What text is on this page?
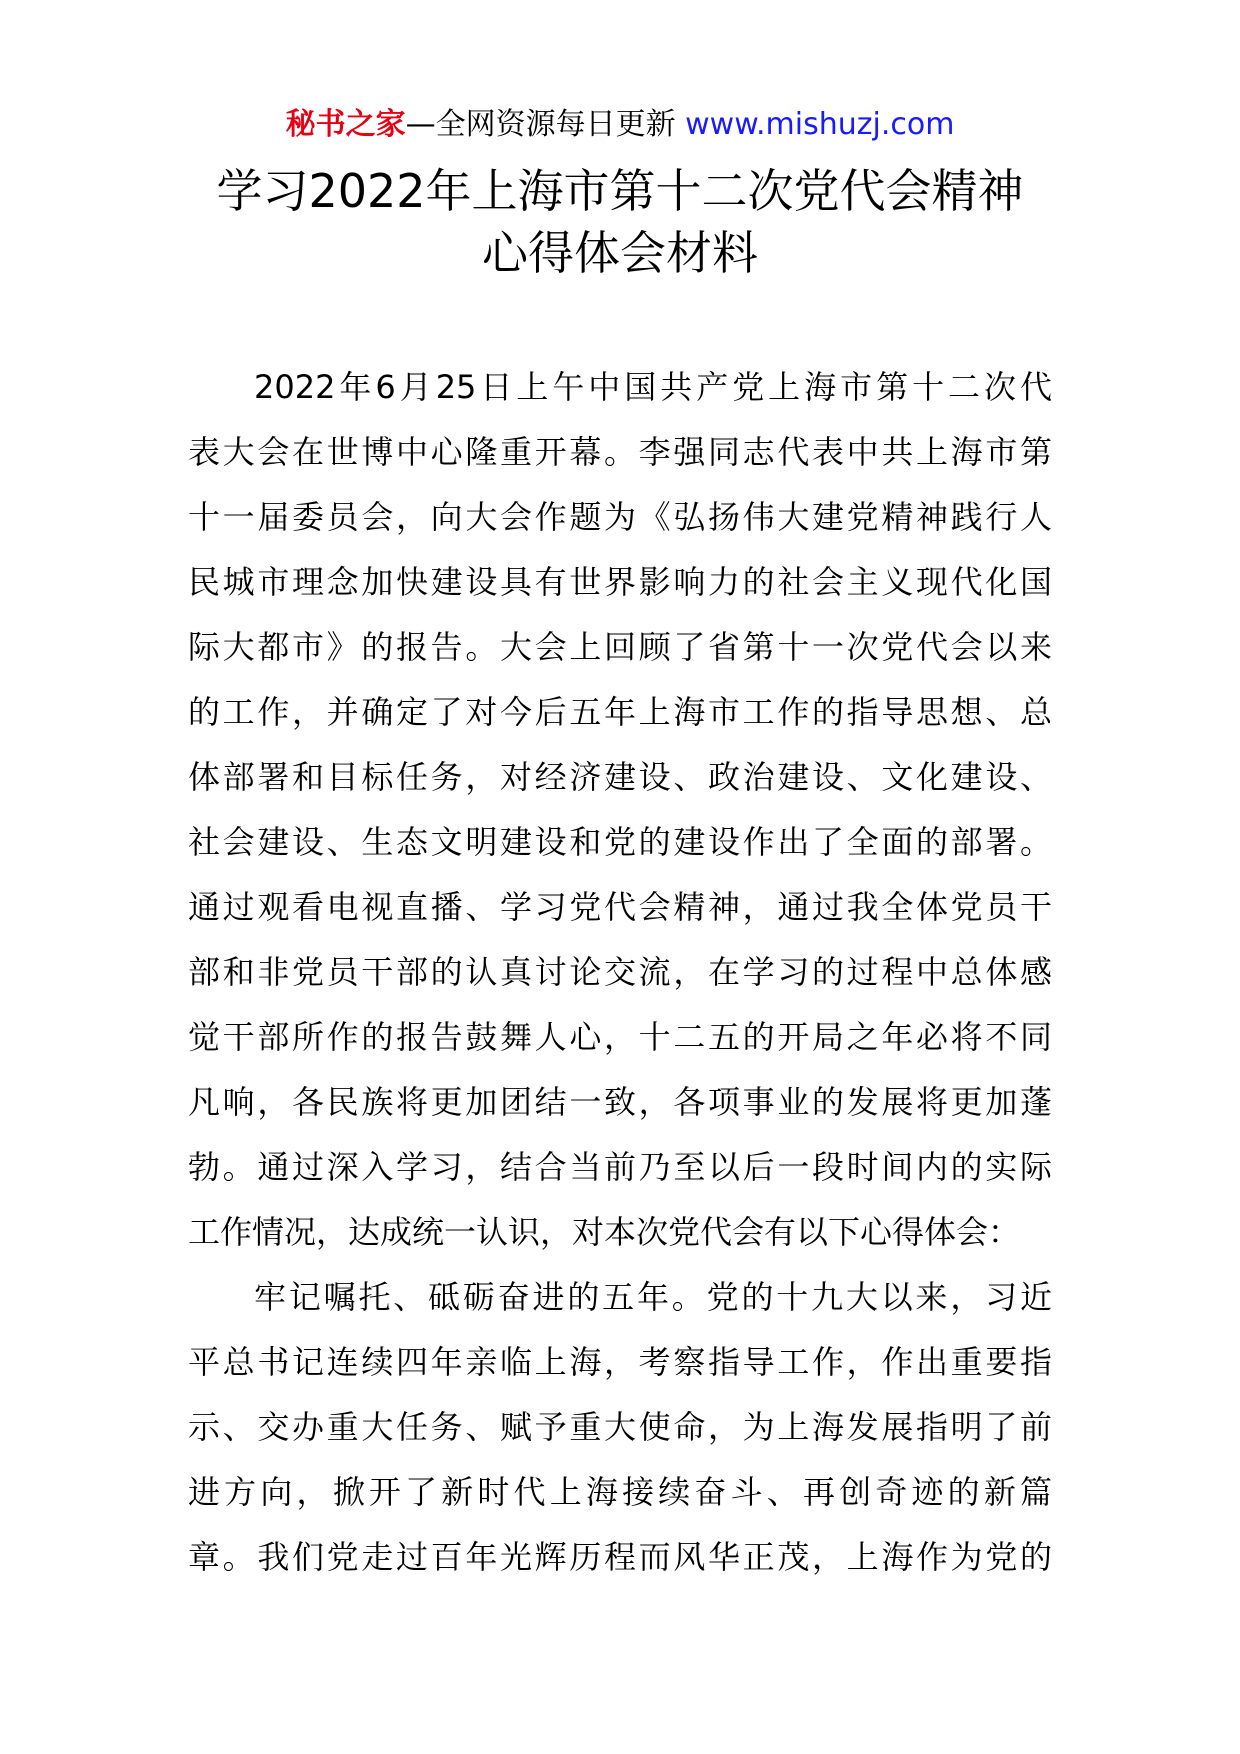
秘书之家—全网资源每日更新 www.mishuzj.com
学习2022年上海市第十二次党代会精神
心得体会材料
2022年6月25日上午中国共产党上海市第十二次代
表大会在世博中心隆重开幕。李强同志代表中共上海市第
十一届委员会，向大会作题为《弘扬伟大建党精神践行人
民城市理念加快建设具有世界影响力的社会主义现代化国
际大都市》的报告。大会上回顾了省第十一次党代会以来
的工作，并确定了对今后五年上海市工作的指导思想、总
体部署和目标任务，对经济建设、政治建设、文化建设、
社会建设、生态文明建设和党的建设作出了全面的部署。
通过观看电视直播、学习党代会精神，通过我全体党员干
部和非党员干部的认真讨论交流，在学习的过程中总体感
觉干部所作的报告鼓舞人心，十二五的开局之年必将不同
凡响，各民族将更加团结一致，各项事业的发展将更加蓬
勃。通过深入学习，结合当前乃至以后一段时间内的实际
工作情况，达成统一认识，对本次党代会有以下心得体会：
牢记嘱托、砥砺奋进的五年。党的十九大以来，习近
平总书记连续四年亲临上海，考察指导工作，作出重要指
示、交办重大任务、赋予重大使命，为上海发展指明了前
进方向，掀开了新时代上海接续奋斗、再创奇迹的新篇
章。我们党走过百年光辉历程而风华正茂，上海作为党的
